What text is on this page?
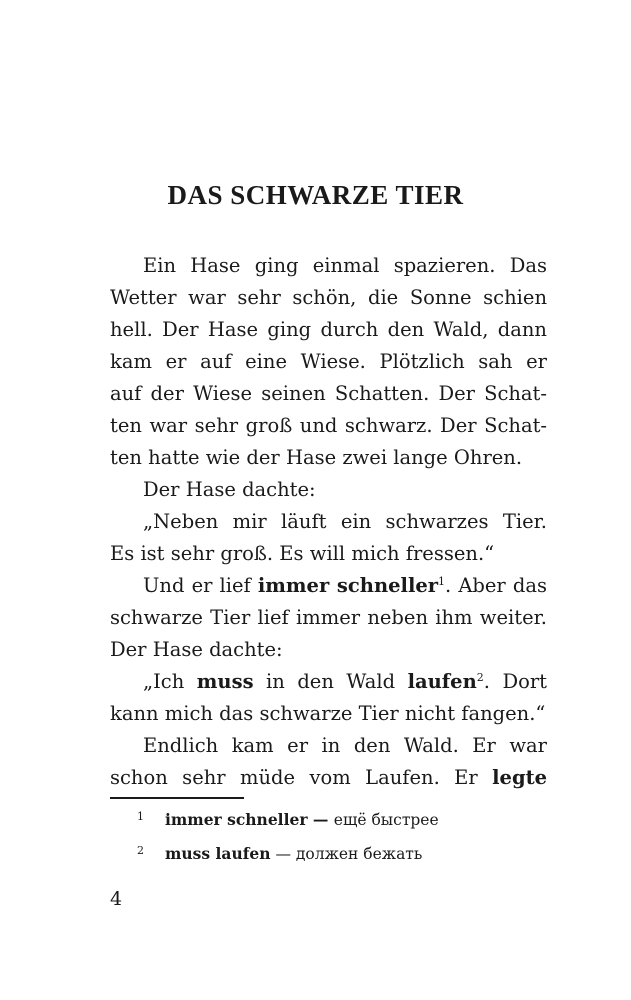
DAS SCHWARZE TIER
Ein Hase ging einmal spazieren. Das
Wetter war sehr schön, die Sonne schien
hell. Der Hase ging durch den Wald, dann
kam er auf eine Wiese. Plötzlich sah er
auf der Wiese seinen Schatten. Der Schat-
ten war sehr groß und schwarz. Der Schat-
ten hatte wie der Hase zwei lange Ohren.
Der Hase dachte:
„Neben mir läuft ein schwarzes Tier.
Es ist sehr groß. Es will mich fressen.“
Und er lief immer schneller$^1$. Aber das
schwarze Tier lief immer neben ihm weiter.
Der Hase dachte:
„Ich muss in den Wald laufen$^2$. Dort
kann mich das schwarze Tier nicht fangen.“
Endlich kam er in den Wald. Er war
schon sehr müde vom Laufen. Er legte
1 immer schneller — ещё быстрее
2 muss laufen — должен бежать
4
